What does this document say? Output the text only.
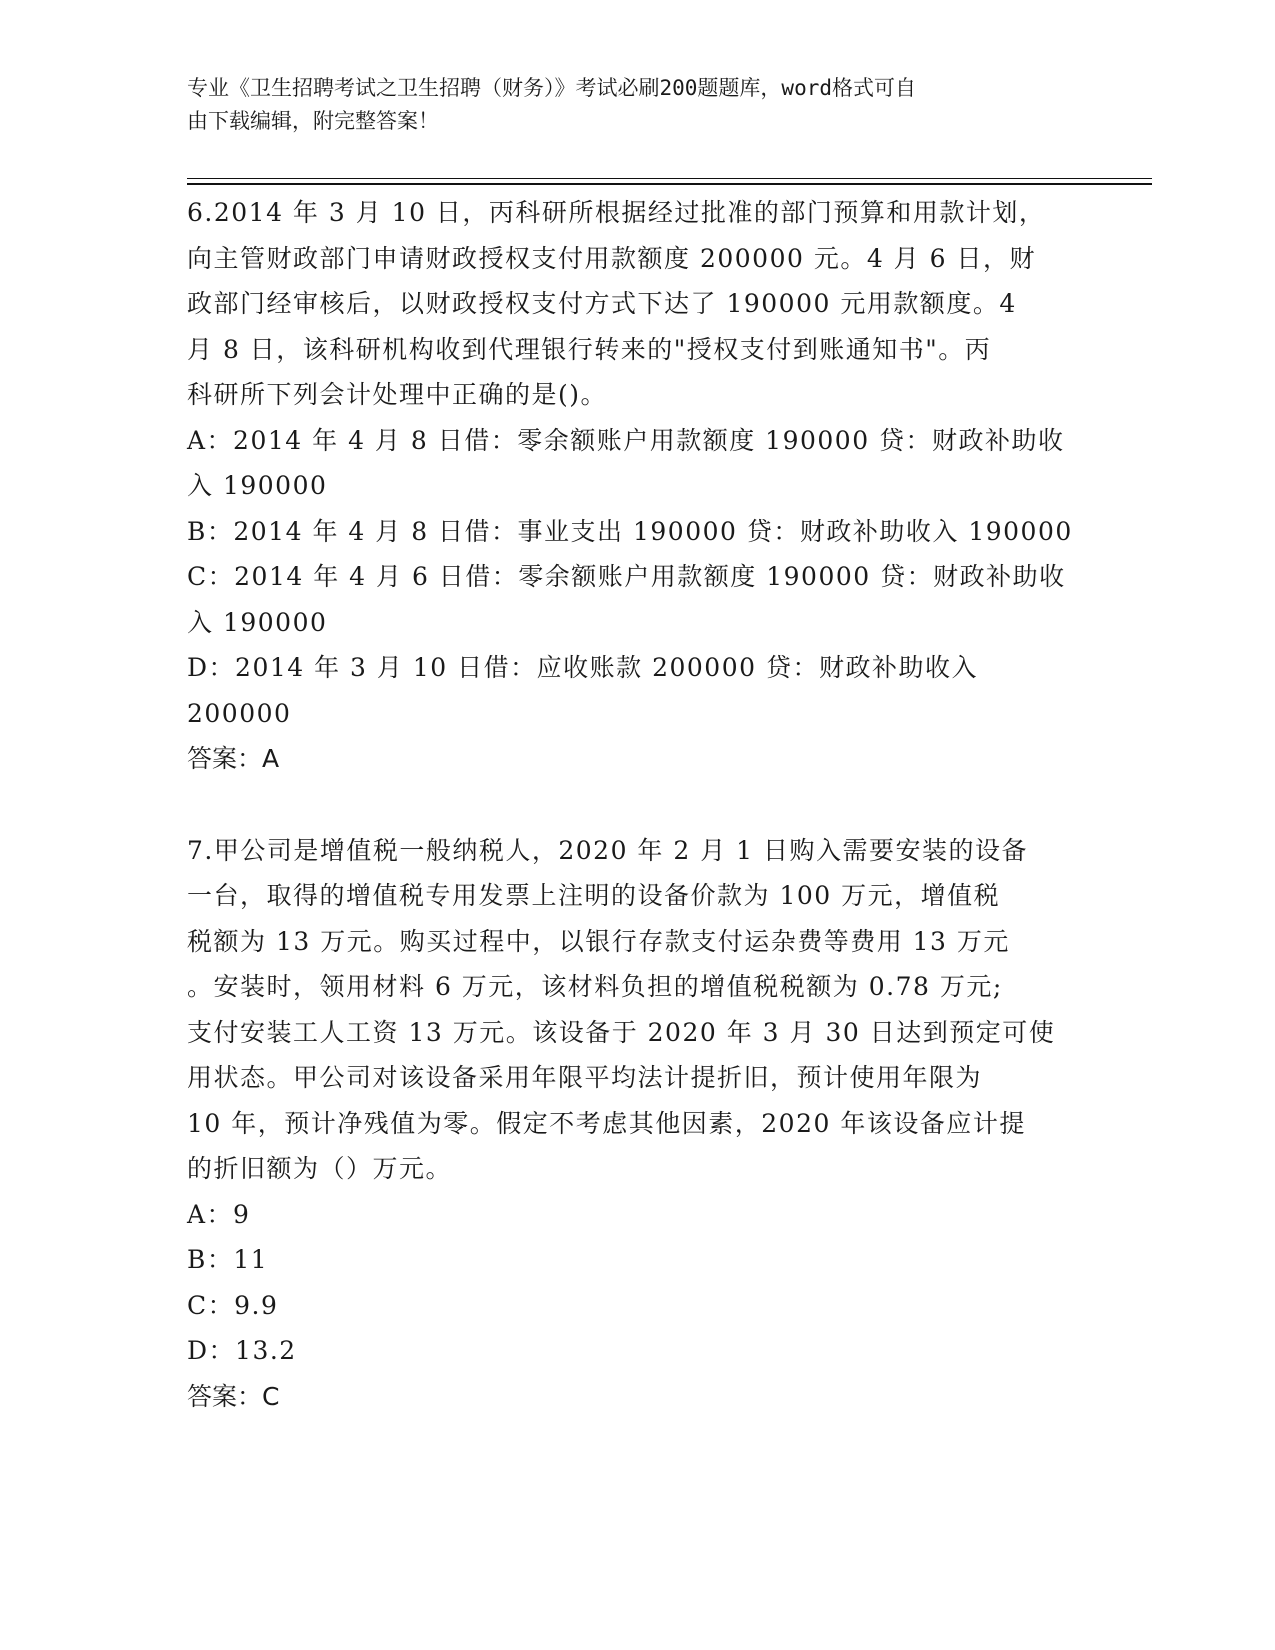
专业《卫生招聘考试之卫生招聘（财务）》考试必刷200题题库，word格式可自
由下载编辑，附完整答案！

6.2014 年 3 月 10 日，丙科研所根据经过批准的部门预算和用款计划，

向主管财政部门申请财政授权支付用款额度 200000 元。4 月 6 日，财

政部门经审核后，以财政授权支付方式下达了 190000 元用款额度。4

月 8 日，该科研机构收到代理银行转来的"授权支付到账通知书"。丙

科研所下列会计处理中正确的是()。

A：2014 年 4 月 8 日借：零余额账户用款额度 190000 贷：财政补助收

入 190000

B：2014 年 4 月 8 日借：事业支出 190000 贷：财政补助收入 190000

C：2014 年 4 月 6 日借：零余额账户用款额度 190000 贷：财政补助收

入 190000

D：2014 年 3 月 10 日借：应收账款 200000 贷：财政补助收入 200000

答案：A

7.甲公司是增值税一般纳税人，2020 年 2 月 1 日购入需要安装的设备

一台，取得的增值税专用发票上注明的设备价款为 100 万元，增值税

税额为 13 万元。购买过程中，以银行存款支付运杂费等费用 13 万元

。安装时，领用材料 6 万元，该材料负担的增值税税额为 0.78 万元;

支付安装工人工资 13 万元。该设备于 2020 年 3 月 30 日达到预定可使

用状态。甲公司对该设备采用年限平均法计提折旧，预计使用年限为

10 年，预计净残值为零。假定不考虑其他因素，2020 年该设备应计提

的折旧额为（）万元。

A：9

B：11

C：9.9

D：13.2

答案：C
